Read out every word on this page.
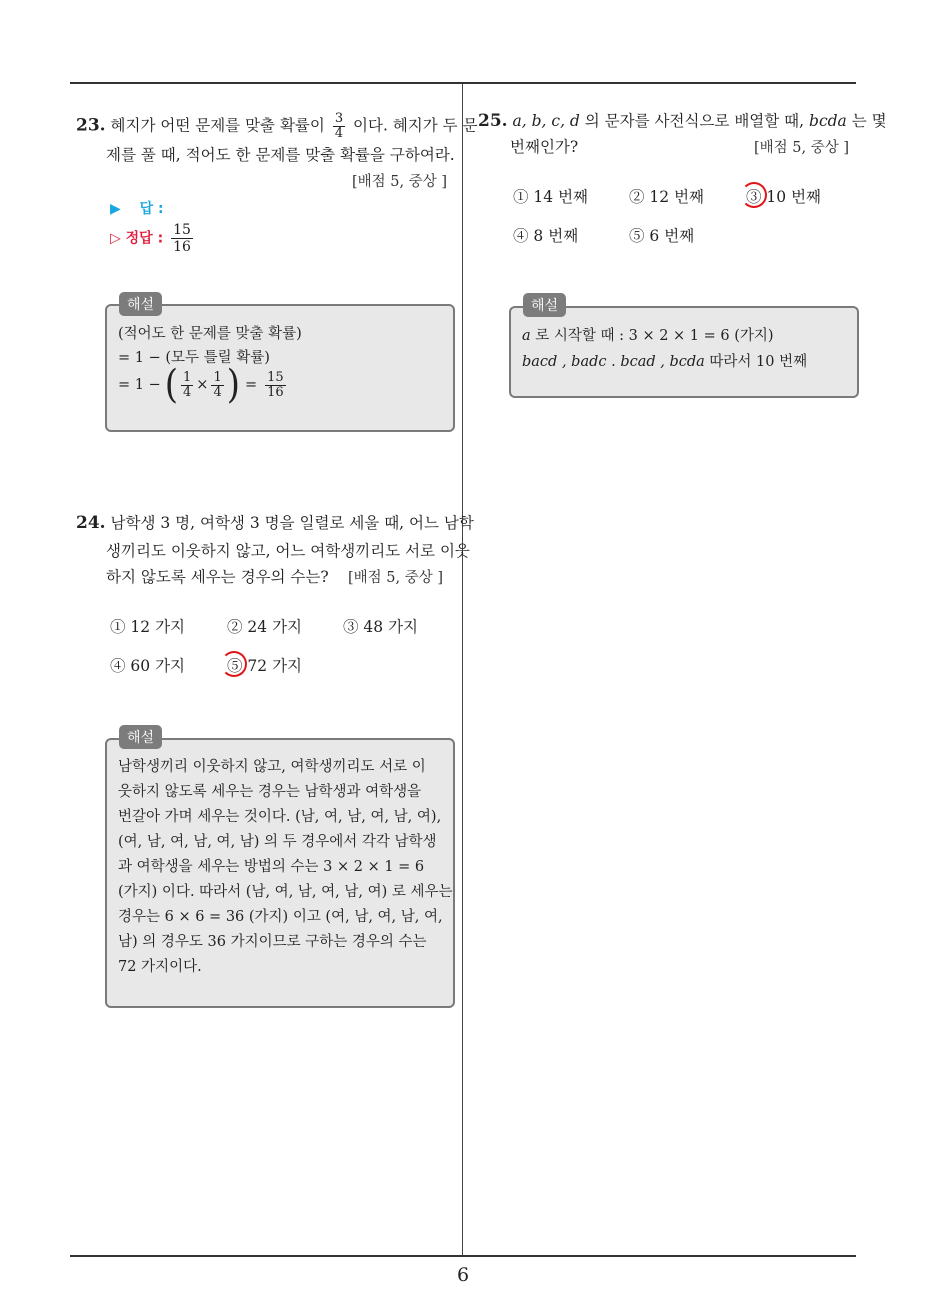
6
23. 혜지가 어떤 문제를 맞출 확률이 $\frac{3}{4}$ 이다. 혜지가 두 문
제를 풀 때, 적어도 한 문제를 맞출 확률을 구하여라.
[배점 5, 중상 ]
▶ 답 :
▷ 정답 : $\frac{15}{16}$
해설
(적어도 한 문제를 맞출 확률)
= 1 − (모두 틀릴 확률)
= 1 − ( $\frac{1}{4} \times \frac{1}{4}$ ) = $\frac{15}{16}$
24. 남학생 3 명, 여학생 3 명을 일렬로 세울 때, 어느 남학
생끼리도 이웃하지 않고, 어느 여학생끼리도 서로 이웃
하지 않도록 세우는 경우의 수는? [배점 5, 중상 ]
① 12 가지	② 24 가지	③ 48 가지
④ 60 가지	⑤ 72 가지
해설
남학생끼리 이웃하지 않고, 여학생끼리도 서로 이
웃하지 않도록 세우는 경우는 남학생과 여학생을
번갈아 가며 세우는 것이다. (남, 여, 남, 여, 남, 여),
(여, 남, 여, 남, 여, 남) 의 두 경우에서 각각 남학생
과 여학생을 세우는 방법의 수는 3 × 2 × 1 = 6
(가지) 이다. 따라서 (남, 여, 남, 여, 남, 여) 로 세우는
경우는 6 × 6 = 36 (가지) 이고 (여, 남, 여, 남, 여,
남) 의 경우도 36 가지이므로 구하는 경우의 수는
72 가지이다.
25. a, b, c, d 의 문자를 사전식으로 배열할 때, bcda 는 몇
번째인가?	[배점 5, 중상 ]
① 14 번째	② 12 번째	③ 10 번째
④ 8 번째	⑤ 6 번째
해설
a 로 시작할 때 : 3 × 2 × 1 = 6 (가지)
bacd , badc . bcad , bcda 따라서 10 번째
